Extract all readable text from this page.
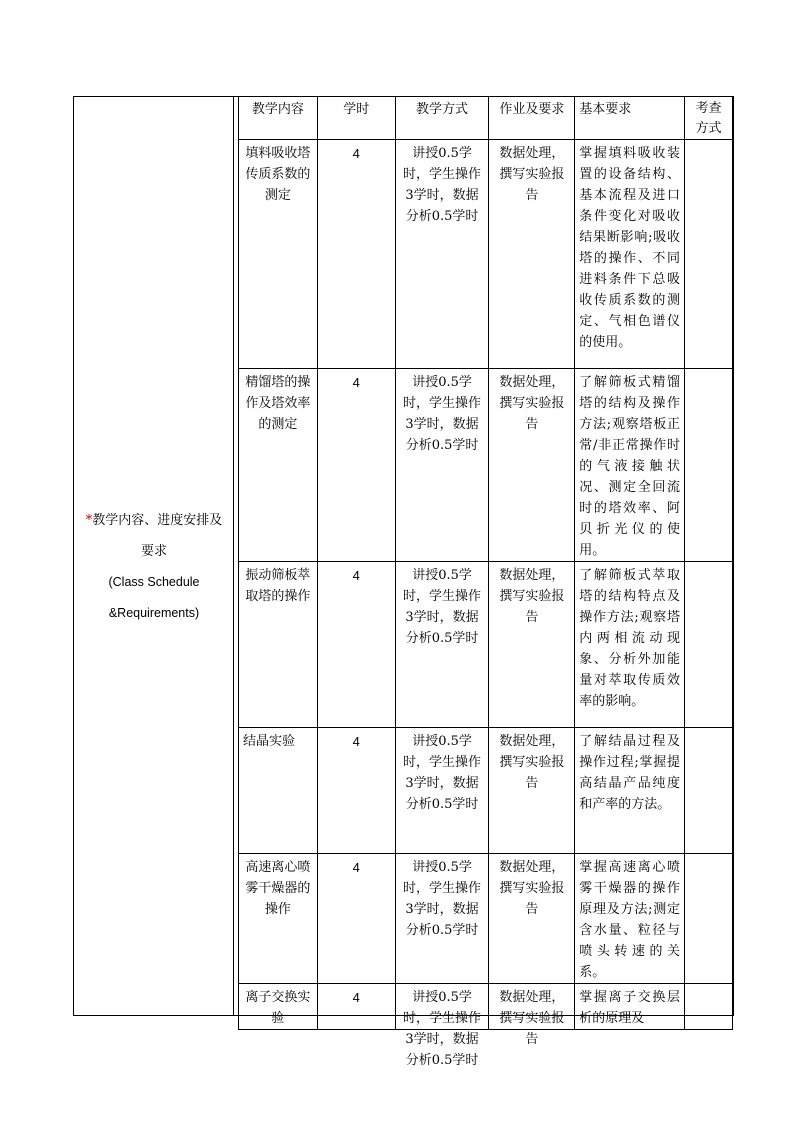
*教学内容、进度安排及
要求
(Class Schedule
&Requirements)
教学内容	学时	教学方式	作业及要求	基本要求	考查方式
填料吸收塔传质系数的测定	4	讲授0.5学时，学生操作3学时，数据分析0.5学时	数据处理，撰写实验报告	掌握填料吸收装置的设备结构、基本流程及进口条件变化对吸收结果断影响;吸收塔的操作、不同进料条件下总吸收传质系数的测定、气相色谱仪的使用。	
精馏塔的操作及塔效率的测定	4	讲授0.5学时，学生操作3学时，数据分析0.5学时	数据处理，撰写实验报告	了解筛板式精馏塔的结构及操作方法;观察塔板正常/非正常操作时的气液接触状况、测定全回流时的塔效率、阿贝折光仪的使用。	
振动筛板萃取塔的操作	4	讲授0.5学时，学生操作3学时，数据分析0.5学时	数据处理，撰写实验报告	了解筛板式萃取塔的结构特点及操作方法;观察塔内两相流动现象、分析外加能量对萃取传质效率的影响。	
结晶实验	4	讲授0.5学时，学生操作3学时，数据分析0.5学时	数据处理，撰写实验报告	了解结晶过程及操作过程;掌握提高结晶产品纯度和产率的方法。	
高速离心喷雾干燥器的操作	4	讲授0.5学时，学生操作3学时，数据分析0.5学时	数据处理，撰写实验报告	掌握高速离心喷雾干燥器的操作原理及方法;测定含水量、粒径与喷头转速的关系。	

离子交换实验	4	讲授0.5学时，学生操作3学时，数据分析0.5学时	数据处理，撰写实验报告	掌握离子交换层析的原理及	
